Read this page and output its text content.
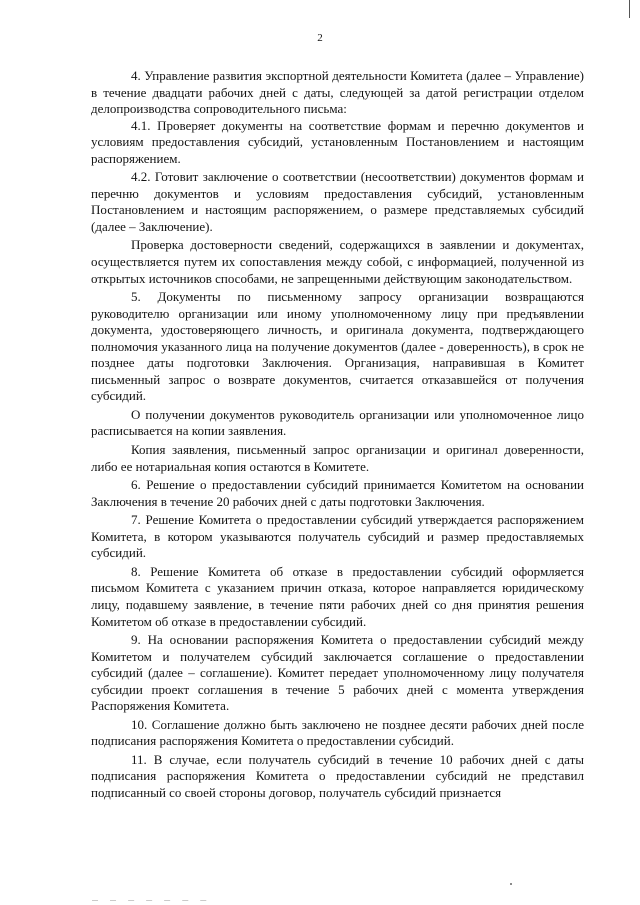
2

4. Управление развития экспортной деятельности Комитета (далее – Управление) в течение двадцати рабочих дней с даты, следующей за датой регистрации отделом делопроизводства сопроводительного письма:

4.1. Проверяет документы на соответствие формам и перечню документов и условиям предоставления субсидий, установленным Постановлением и настоящим распоряжением.

4.2. Готовит заключение о соответствии (несоответствии) документов формам и перечню документов и условиям предоставления субсидий, установленным Постановлением и настоящим распоряжением, о размере представляемых субсидий (далее – Заключение).

Проверка достоверности сведений, содержащихся в заявлении и документах, осуществляется путем их сопоставления между собой, с информацией, полученной из открытых источников способами, не запрещенными действующим законодательством.

5. Документы по письменному запросу организации возвращаются руководителю организации или иному уполномоченному лицу при предъявлении документа, удостоверяющего личность, и оригинала документа, подтверждающего полномочия указанного лица на получение документов (далее - доверенность), в срок не позднее даты подготовки Заключения. Организация, направившая в Комитет письменный запрос о возврате документов, считается отказавшейся от получения субсидий.

О получении документов руководитель организации или уполномоченное лицо расписывается на копии заявления.

Копия заявления, письменный запрос организации и оригинал доверенности, либо ее нотариальная копия остаются в Комитете.

6. Решение о предоставлении субсидий принимается Комитетом на основании Заключения в течение 20 рабочих дней с даты подготовки Заключения.

7. Решение Комитета о предоставлении субсидий утверждается распоряжением Комитета, в котором указываются получатель субсидий и размер предоставляемых субсидий.

8. Решение Комитета об отказе в предоставлении субсидий оформляется письмом Комитета с указанием причин отказа, которое направляется юридическому лицу, подавшему заявление, в течение пяти рабочих дней со дня принятия решения Комитетом об отказе в предоставлении субсидий.

9. На основании распоряжения Комитета о предоставлении субсидий между Комитетом и получателем субсидий заключается соглашение о предоставлении субсидий (далее – соглашение). Комитет передает уполномоченному лицу получателя субсидии проект соглашения в течение 5 рабочих дней с момента утверждения Распоряжения Комитета.

10. Соглашение должно быть заключено не позднее десяти рабочих дней после подписания распоряжения Комитета о предоставлении субсидий.

11. В случае, если получатель субсидий в течение 10 рабочих дней с даты подписания распоряжения Комитета о предоставлении субсидий не представил подписанный со своей стороны договор, получатель субсидий признается

_ _ _ _ _ _ _
